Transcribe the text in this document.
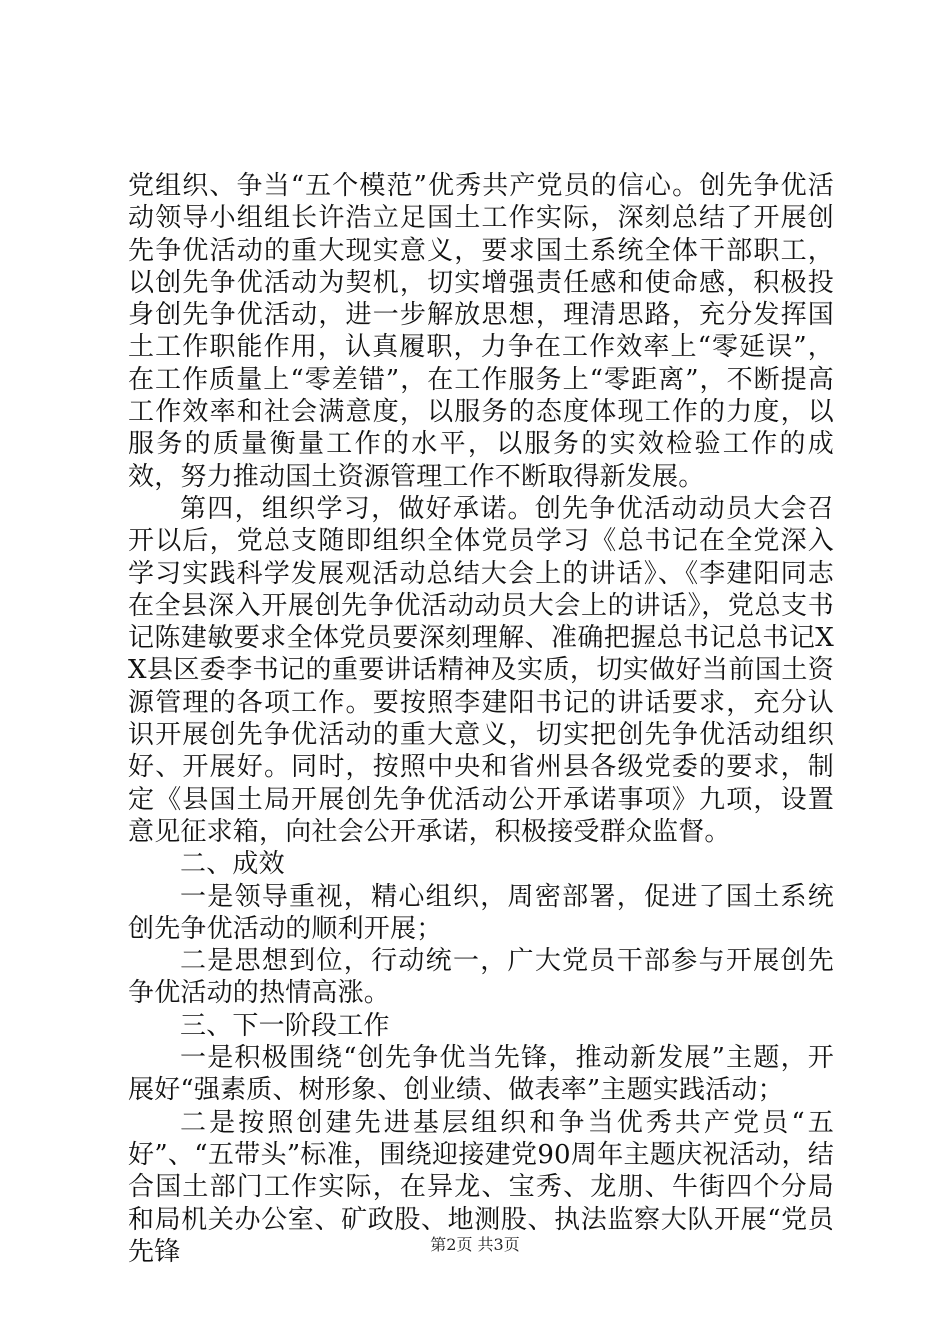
党组织、争当“五个模范”优秀共产党员的信心。创先争优活动领导小组组长许浩立足国土工作实际，深刻总结了开展创先争优活动的重大现实意义，要求国土系统全体干部职工，以创先争优活动为契机，切实增强责任感和使命感，积极投身创先争优活动，进一步解放思想，理清思路，充分发挥国土工作职能作用，认真履职，力争在工作效率上“零延误”，在工作质量上“零差错”，在工作服务上“零距离”，不断提高工作效率和社会满意度，以服务的态度体现工作的力度，以服务的质量衡量工作的水平，以服务的实效检验工作的成效，努力推动国土资源管理工作不断取得新发展。

第四，组织学习，做好承诺。创先争优活动动员大会召开以后，党总支随即组织全体党员学习《总书记在全党深入学习实践科学发展观活动总结大会上的讲话》、《李建阳同志在全县深入开展创先争优活动动员大会上的讲话》，党总支书记陈建敏要求全体党员要深刻理解、准确把握总书记总书记XX县区委李书记的重要讲话精神及实质，切实做好当前国土资源管理的各项工作。要按照李建阳书记的讲话要求，充分认识开展创先争优活动的重大意义，切实把创先争优活动组织好、开展好。同时，按照中央和省州县各级党委的要求，制定《县国土局开展创先争优活动公开承诺事项》九项，设置意见征求箱，向社会公开承诺，积极接受群众监督。

二、成效

一是领导重视，精心组织，周密部署，促进了国土系统创先争优活动的顺利开展；

二是思想到位，行动统一，广大党员干部参与开展创先争优活动的热情高涨。

三、下一阶段工作

一是积极围绕“创先争优当先锋，推动新发展”主题，开展好“强素质、树形象、创业绩、做表率”主题实践活动；

二是按照创建先进基层组织和争当优秀共产党员“五好”、“五带头”标准，围绕迎接建党90周年主题庆祝活动，结合国土部门工作实际，在异龙、宝秀、龙朋、牛街四个分局和局机关办公室、矿政股、地测股、执法监察大队开展“党员先锋	第2页 共3页
